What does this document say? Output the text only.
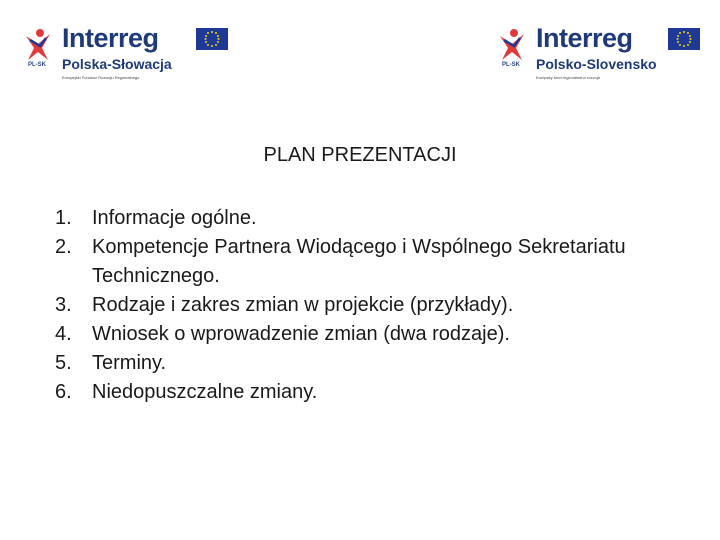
PL-SK
Interreg
Polska-Słowacja
Europejski Fundusz Rozwoju Regionalnego
PL-SK
Interreg
Polsko-Slovensko
Európsky fond regionálneho rozvoja
PLAN PREZENTACJI
1.	Informacje ogólne.
2.	Kompetencje Partnera Wiodącego i Wspólnego Sekretariatu Technicznego.
3.	Rodzaje i zakres zmian w projekcie (przykłady).
4.	Wniosek o wprowadzenie zmian (dwa rodzaje).
5.	Terminy.
6.	Niedopuszczalne zmiany.
